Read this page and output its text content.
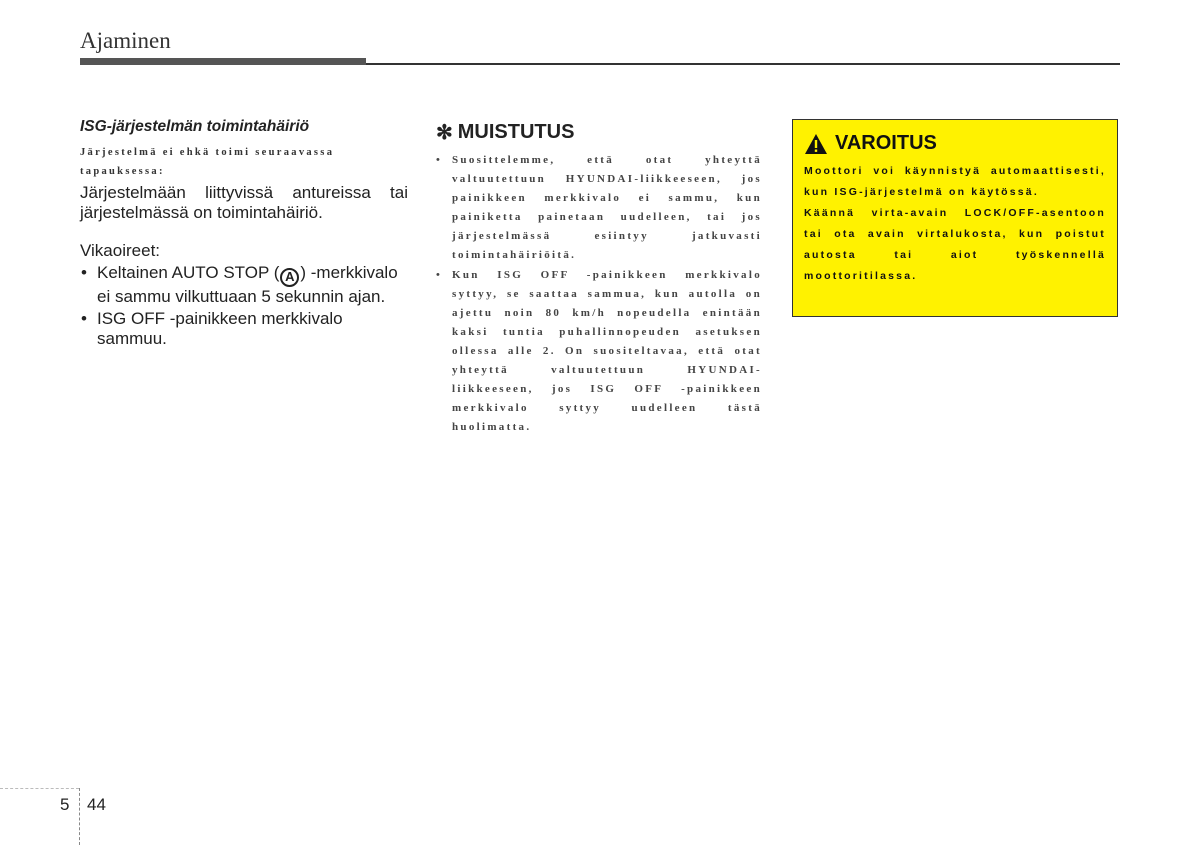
Ajaminen
ISG-järjestelmän toimintahäiriö
Järjestelmä ei ehkä toimi seuraavassa tapauksessa:
Järjestelmään liittyvissä antureissa tai järjestelmässä on toimintahäiriö.
Vikaoireet:
• Keltainen AUTO STOP ( A ) -merkkivalo ei sammu vilkuttuaan 5 sekunnin ajan.
• ISG OFF -painikkeen merkkivalo sammuu.
✻ MUISTUTUS
• Suosittelemme, että otat yhteyttä valtuutettuun HYUNDAI-liikkeeseen, jos painikkeen merkkivalo ei sammu, kun painiketta painetaan uudelleen, tai jos järjestelmässä esiintyy jatkuvasti toimintahäiriöitä.
• Kun ISG OFF -painikkeen merkkivalo syttyy, se saattaa sammua, kun autolla on ajettu noin 80 km/h nopeudella enintään kaksi tuntia puhallinnopeuden asetuksen ollessa alle 2. On suositeltavaa, että otat yhteyttä valtuutettuun HYUNDAI-liikkeeseen, jos ISG OFF -painikkeen merkkivalo syttyy uudelleen tästä huolimatta.
VAROITUS
Moottori voi käynnistyä automaattisesti, kun ISG-järjestelmä on käytössä.
Käännä virta-avain LOCK/OFF-asentoon tai ota avain virtalukosta, kun poistut autosta tai aiot työskennellä moottoritilassa.
5 44
